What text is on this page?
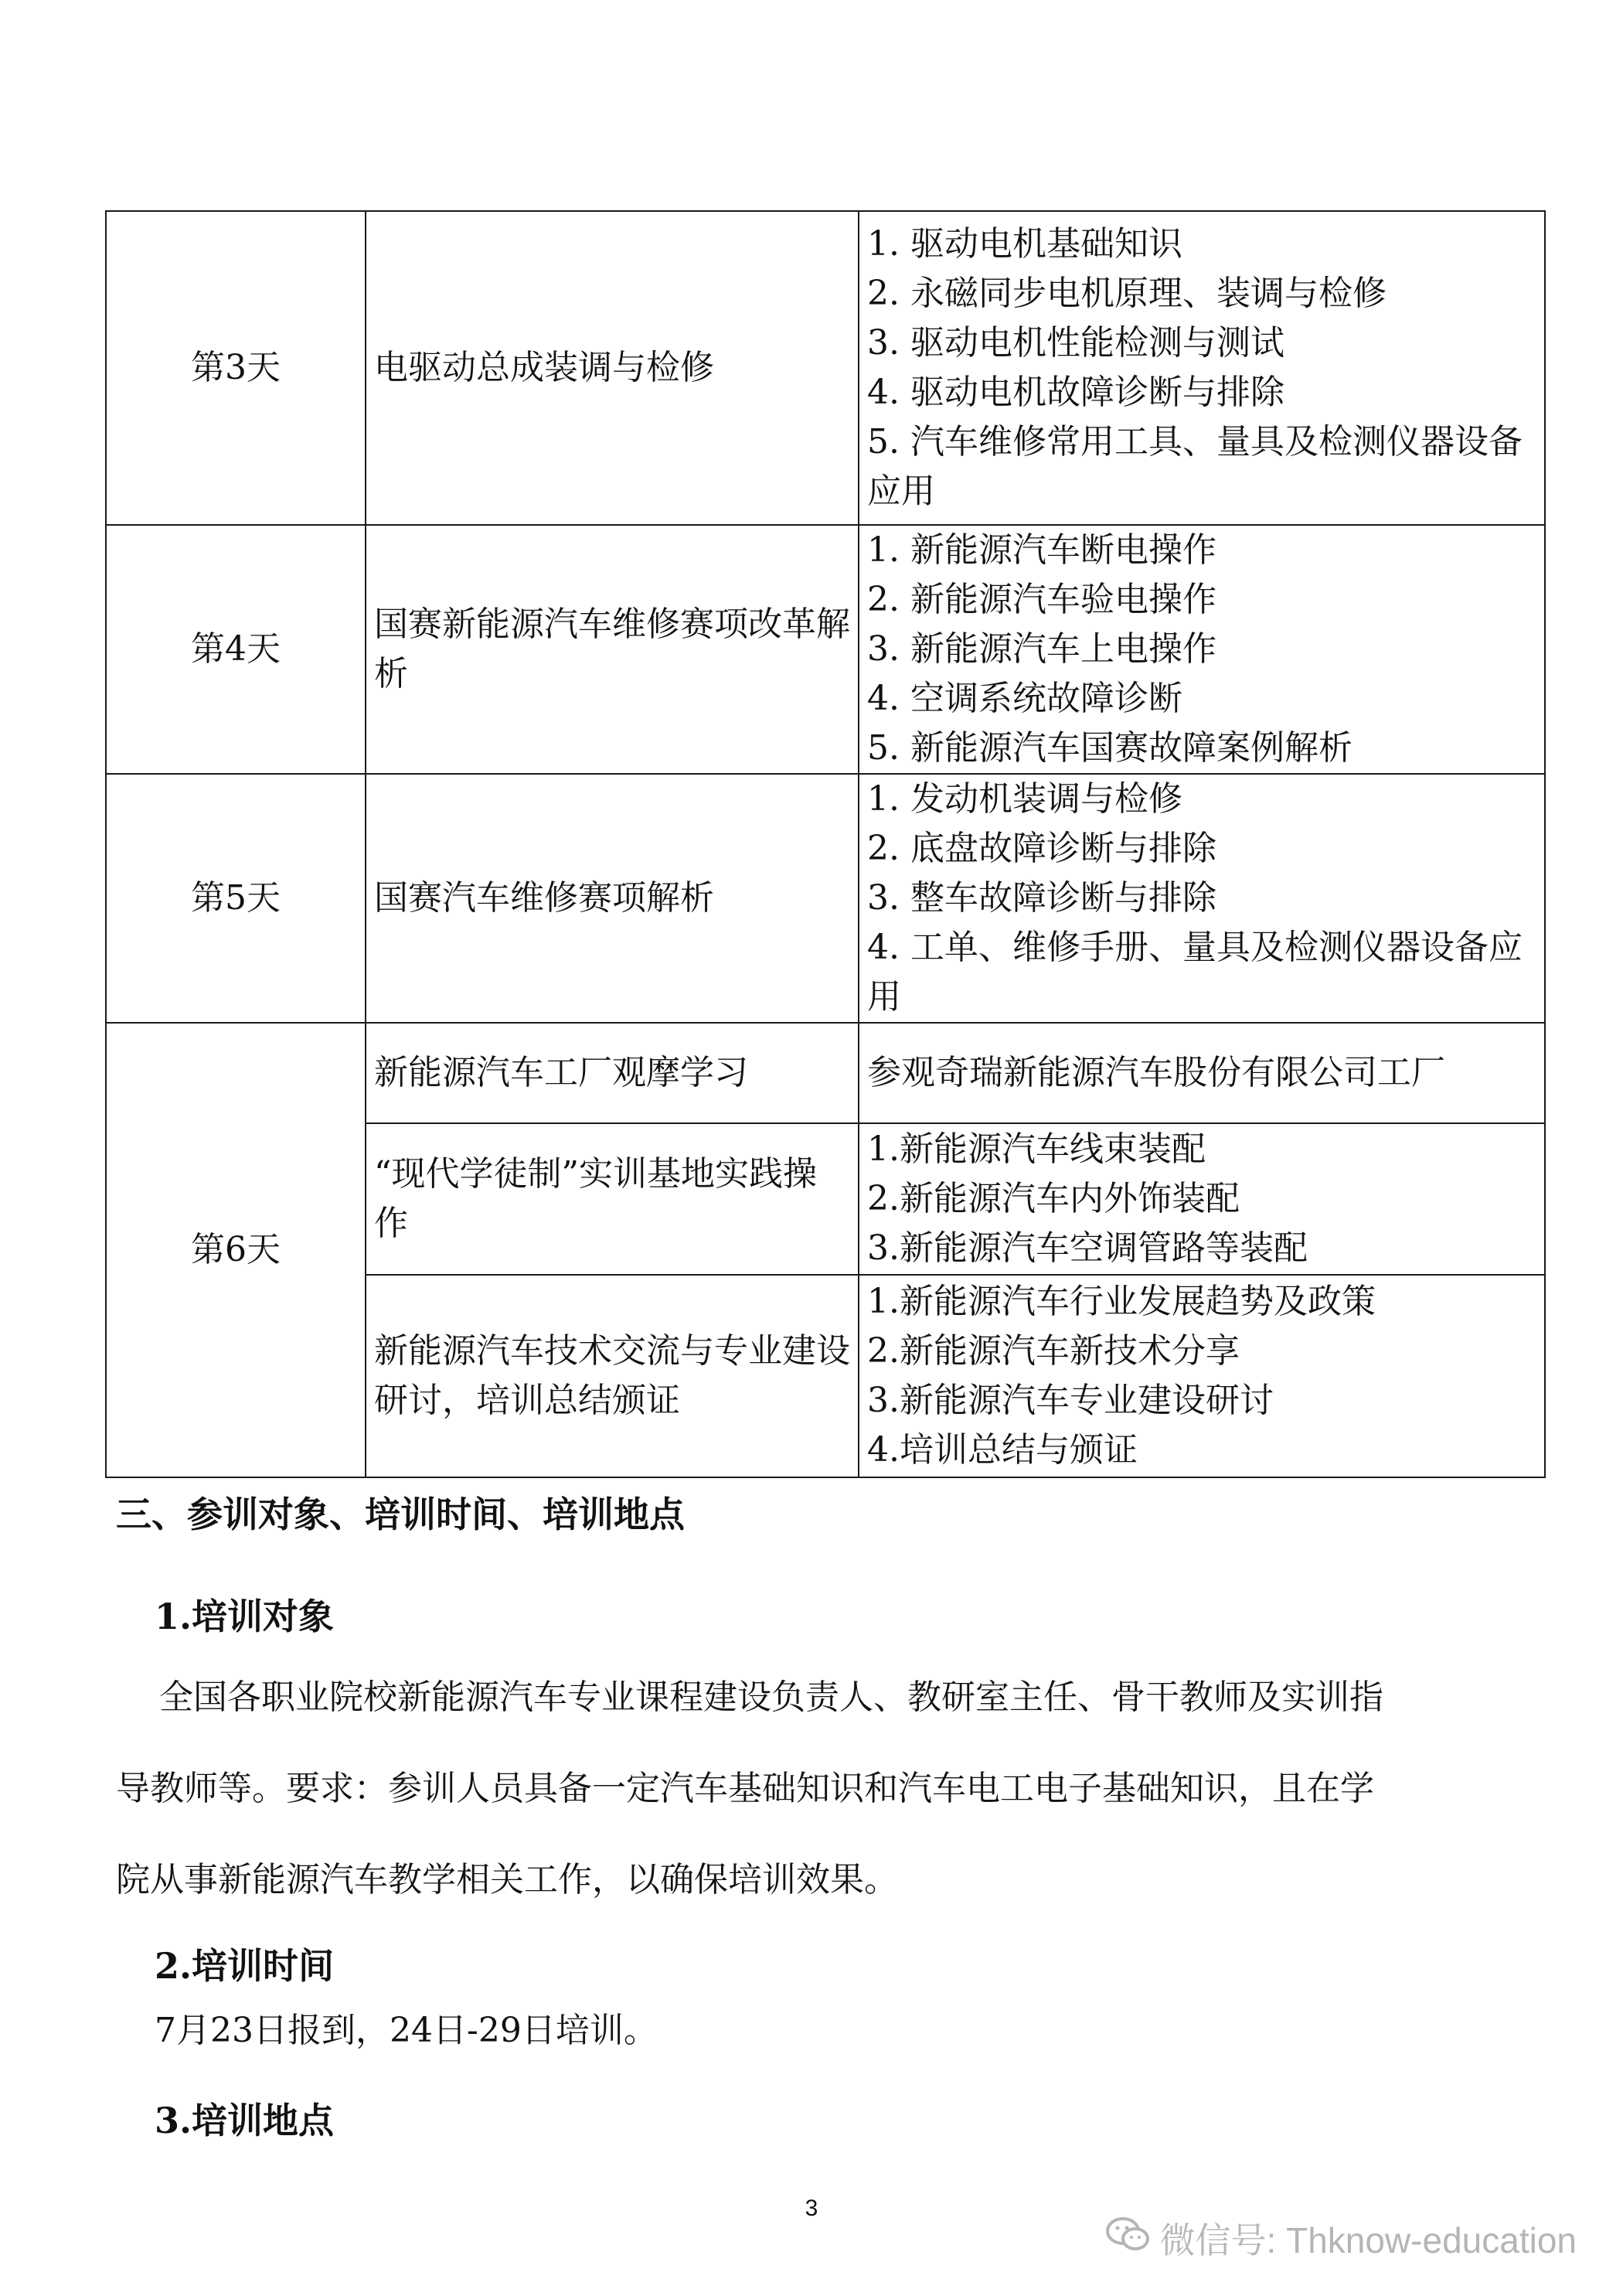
第3天	电驱动总成装调与检修	1. 驱动电机基础知识
2. 永磁同步电机原理、装调与检修
3. 驱动电机性能检测与测试
4. 驱动电机故障诊断与排除
5. 汽车维修常用工具、量具及检测仪器设备应用

第4天	国赛新能源汽车维修赛项改革解析	1. 新能源汽车断电操作
2. 新能源汽车验电操作
3. 新能源汽车上电操作
4. 空调系统故障诊断
5. 新能源汽车国赛故障案例解析

第5天	国赛汽车维修赛项解析	1. 发动机装调与检修
2. 底盘故障诊断与排除
3. 整车故障诊断与排除
4. 工单、维修手册、量具及检测仪器设备应用

第6天	新能源汽车工厂观摩学习	参观奇瑞新能源汽车股份有限公司工厂

	“现代学徒制”实训基地实践操作	1.新能源汽车线束装配
2.新能源汽车内外饰装配
3.新能源汽车空调管路等装配

	新能源汽车技术交流与专业建设研讨，培训总结颁证	1.新能源汽车行业发展趋势及政策
2.新能源汽车新技术分享
3.新能源汽车专业建设研讨
4.培训总结与颁证
三、参训对象、培训时间、培训地点
1.培训对象
全国各职业院校新能源汽车专业课程建设负责人、教研室主任、骨干教师及实训指导教师等。要求：参训人员具备一定汽车基础知识和汽车电工电子基础知识，且在学院从事新能源汽车教学相关工作，以确保培训效果。
2.培训时间
7月23日报到，24日-29日培训。
3.培训地点
3
微信号: Thknow-education
